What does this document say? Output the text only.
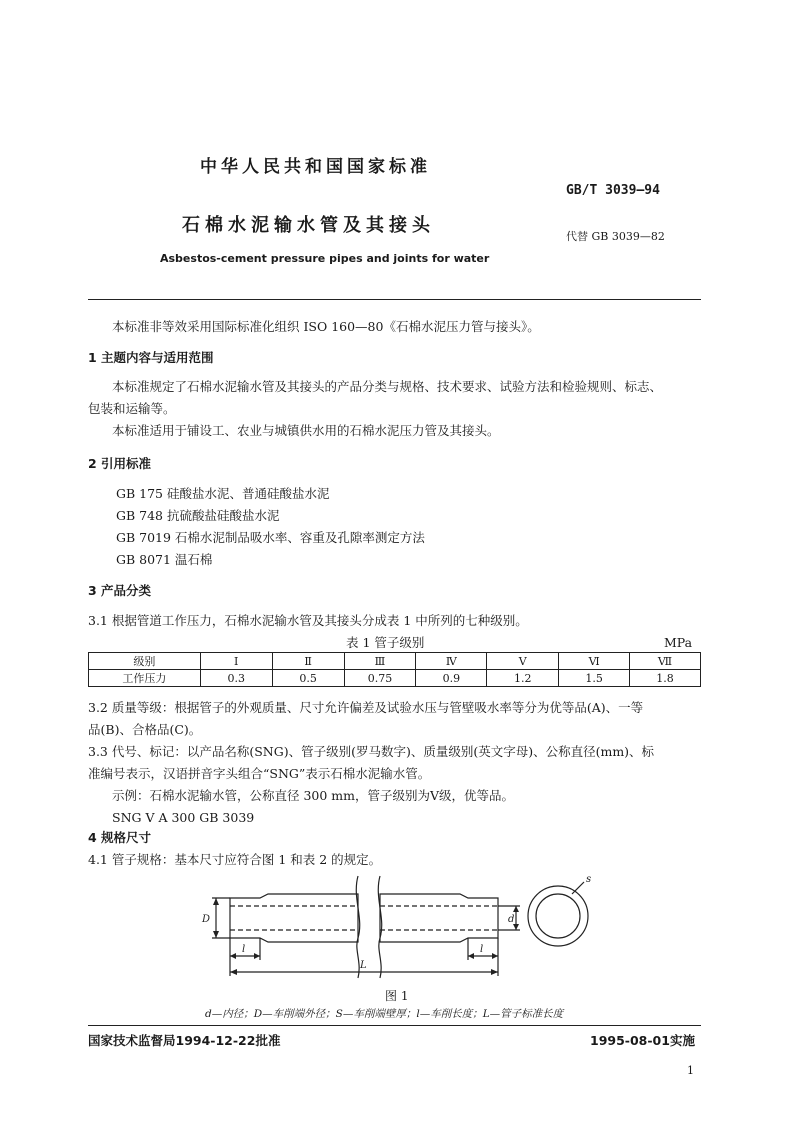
中华人民共和国国家标准
GB/T 3039—94
石棉水泥输水管及其接头
代替 GB 3039—82
Asbestos-cement pressure pipes and joints for water
本标准非等效采用国际标准化组织 ISO 160—80《石棉水泥压力管与接头》。
1 主题内容与适用范围
本标准规定了石棉水泥输水管及其接头的产品分类与规格、技术要求、试验方法和检验规则、标志、
包装和运输等。
本标准适用于铺设工、农业与城镇供水用的石棉水泥压力管及其接头。
2 引用标准
GB 175 硅酸盐水泥、普通硅酸盐水泥
GB 748 抗硫酸盐硅酸盐水泥
GB 7019 石棉水泥制品吸水率、容重及孔隙率测定方法
GB 8071 温石棉
3 产品分类
3.1 根据管道工作压力，石棉水泥输水管及其接头分成表 1 中所列的七种级别。
表 1 管子级别	MPa
级别	Ⅰ	Ⅱ	Ⅲ	Ⅳ	Ⅴ	Ⅵ	Ⅶ
工作压力	0.3	0.5	0.75	0.9	1.2	1.5	1.8
3.2 质量等级：根据管子的外观质量、尺寸允许偏差及试验水压与管壁吸水率等分为优等品(A)、一等
品(B)、合格品(C)。
3.3 代号、标记：以产品名称(SNG)、管子级别(罗马数字)、质量级别(英文字母)、公称直径(mm)、标
准编号表示，汉语拼音字头组合“SNG”表示石棉水泥输水管。
示例：石棉水泥输水管，公称直径 300 mm，管子级别为Ⅴ级，优等品。
SNG Ⅴ A 300 GB 3039
4 规格尺寸
4.1 管子规格：基本尺寸应符合图 1 和表 2 的规定。
D	d
l	l
L
s
图 1
d—内径；D—车削端外径；S—车削端壁厚；l—车削长度；L—管子标准长度
国家技术监督局1994-12-22批准	1995-08-01实施
1
